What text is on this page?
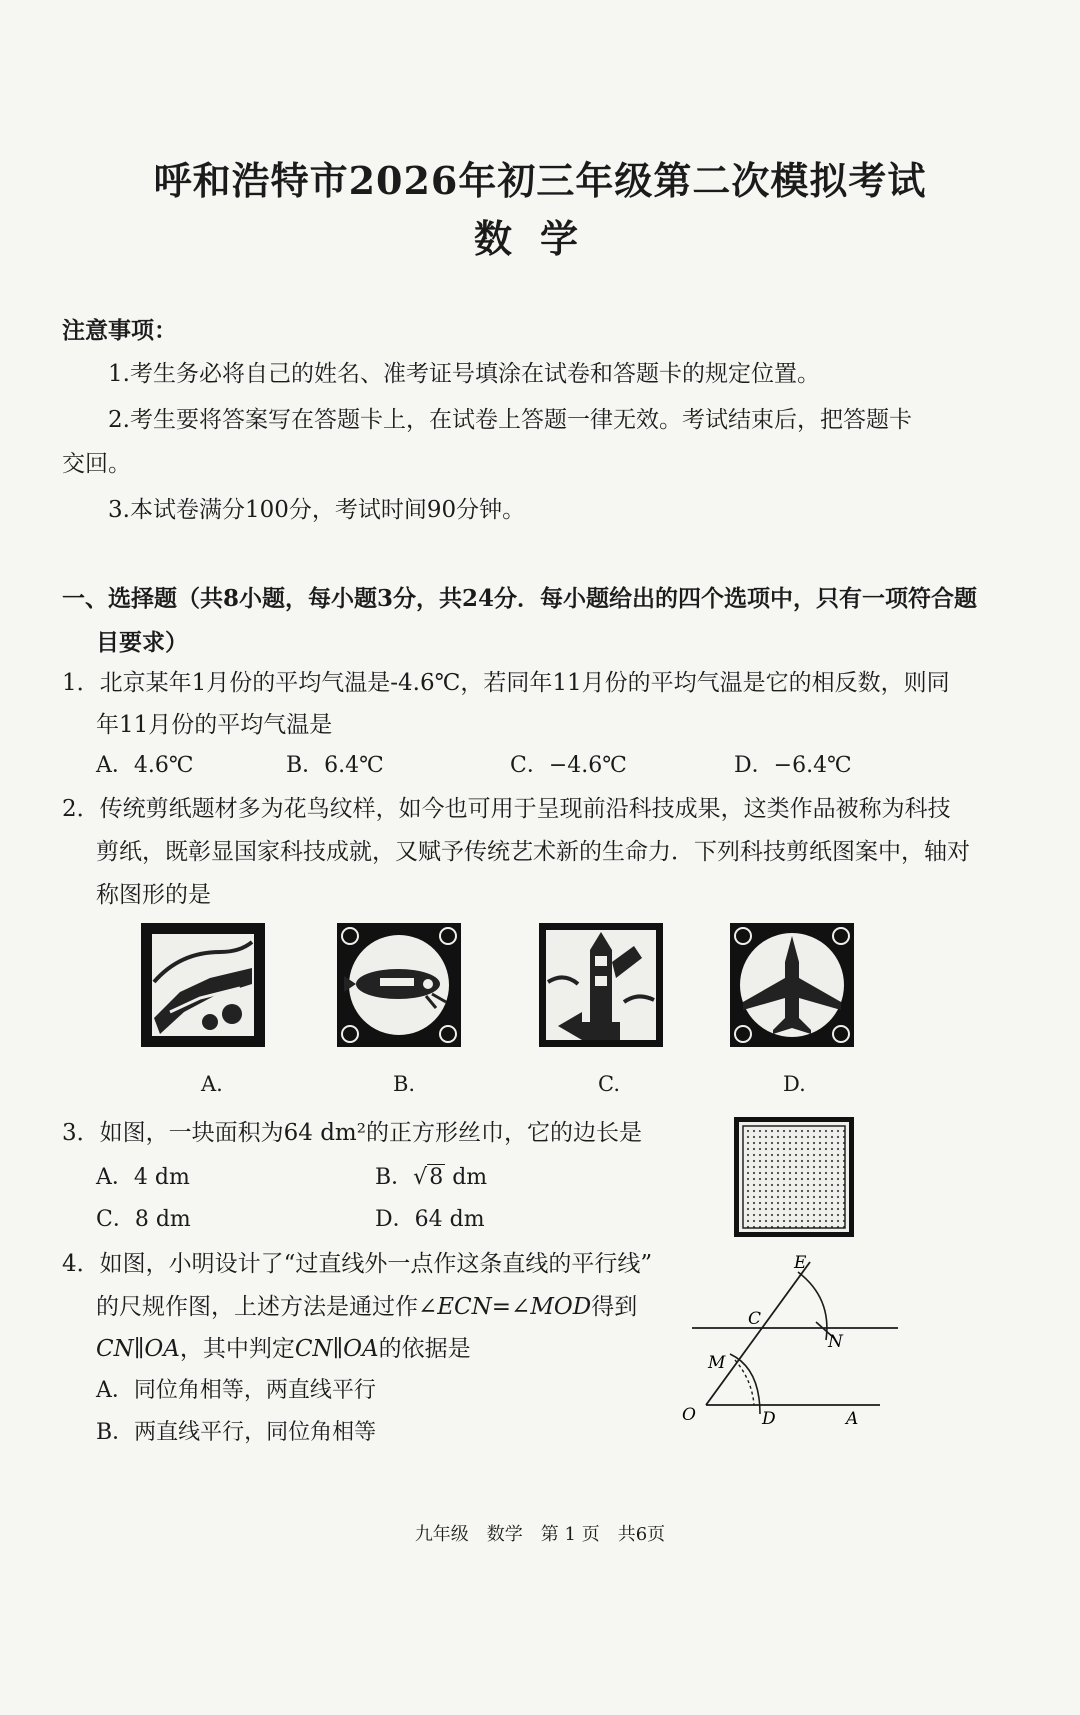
呼和浩特市2026年初三年级第二次模拟考试
数学
注意事项：
1.考生务必将自己的姓名、准考证号填涂在试卷和答题卡的规定位置。
2.考生要将答案写在答题卡上，在试卷上答题一律无效。考试结束后，把答题卡
交回。
3.本试卷满分100分，考试时间90分钟。
一、选择题（共8小题，每小题3分，共24分．每小题给出的四个选项中，只有一项符合题
目要求）
1．北京某年1月份的平均气温是-4.6℃，若同年11月份的平均气温是它的相反数，则同
年11月份的平均气温是
A．4.6℃	B．6.4℃	C．−4.6℃	D．−6.4℃
2．传统剪纸题材多为花鸟纹样，如今也可用于呈现前沿科技成果，这类作品被称为科技
剪纸，既彰显国家科技成就，又赋予传统艺术新的生命力．下列科技剪纸图案中，轴对
称图形的是
A.	B.	C.	D.
3．如图，一块面积为64 dm²的正方形丝巾，它的边长是
A．4 dm	B．√8 dm
C．8 dm	D．64 dm
4．如图，小明设计了“过直线外一点作这条直线的平行线”
的尺规作图，上述方法是通过作∠ECN=∠MOD得到
CN∥OA，其中判定CN∥OA的依据是
A．同位角相等，两直线平行
B．两直线平行，同位角相等
E
C
N
M
O	D	A
九年级　数学　第 1 页　共6页
